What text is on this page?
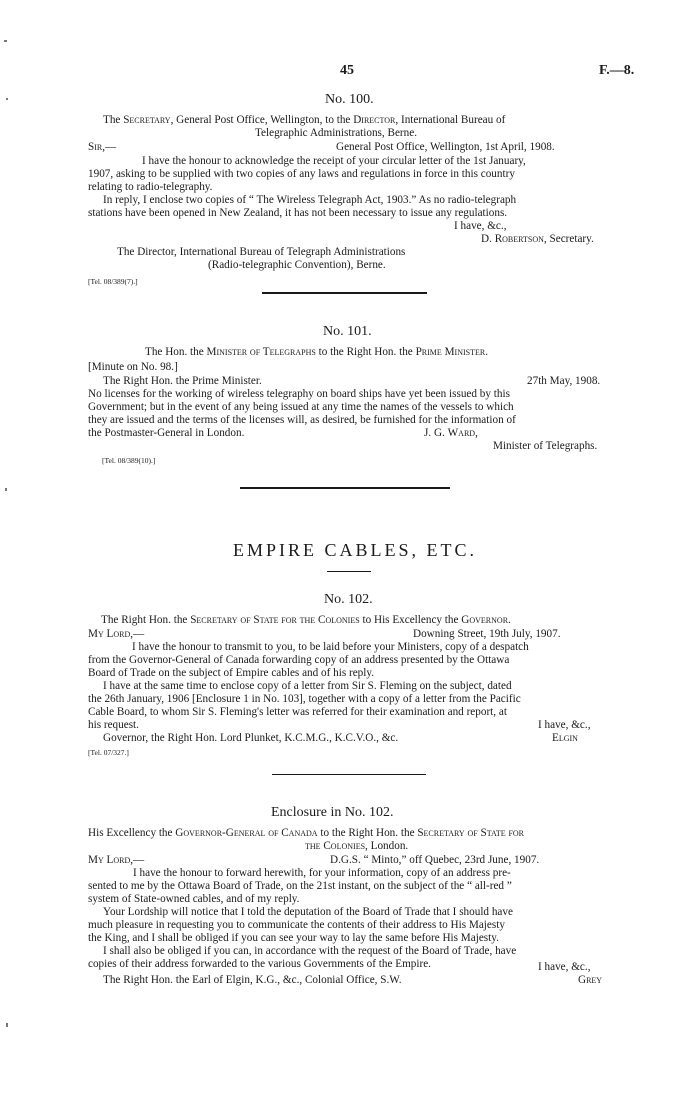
45	F.—8.
No. 100.
The Secretary, General Post Office, Wellington, to the Director, International Bureau of
Telegraphic Administrations, Berne.
Sir,—	General Post Office, Wellington, 1st April, 1908.
I have the honour to acknowledge the receipt of your circular letter of the 1st January,
1907, asking to be supplied with two copies of any laws and regulations in force in this country
relating to radio-telegraphy.
In reply, I enclose two copies of “ The Wireless Telegraph Act, 1903.” As no radio-telegraph
stations have been opened in New Zealand, it has not been necessary to issue any regulations.
I have, &c.,
D. Robertson, Secretary.
The Director, International Bureau of Telegraph Administrations
(Radio-telegraphic Convention), Berne.
[Tel. 08/389(7).]
No. 101.
The Hon. the Minister of Telegraphs to the Right Hon. the Prime Minister.
[Minute on No. 98.]
The Right Hon. the Prime Minister.	27th May, 1908.
No licenses for the working of wireless telegraphy on board ships have yet been issued by this
Government; but in the event of any being issued at any time the names of the vessels to which
they are issued and the terms of the licenses will, as desired, be furnished for the information of
the Postmaster-General in London.	J. G. Ward,
Minister of Telegraphs.
[Tel. 08/389(10).]
EMPIRE CABLES, ETC.
No. 102.
The Right Hon. the Secretary of State for the Colonies to His Excellency the Governor.
My Lord,—	Downing Street, 19th July, 1907.
I have the honour to transmit to you, to be laid before your Ministers, copy of a despatch
from the Governor-General of Canada forwarding copy of an address presented by the Ottawa
Board of Trade on the subject of Empire cables and of his reply.
I have at the same time to enclose copy of a letter from Sir S. Fleming on the subject, dated
the 26th January, 1906 [Enclosure 1 in No. 103], together with a copy of a letter from the Pacific
Cable Board, to whom Sir S. Fleming's letter was referred for their examination and report, at
his request.	I have, &c.,
Governor, the Right Hon. Lord Plunket, K.C.M.G., K.C.V.O., &c.	Elgin
[Tel. 07/327.]
Enclosure in No. 102.
His Excellency the Governor-General of Canada to the Right Hon. the Secretary of State for
the Colonies, London.
My Lord,—	D.G.S. “ Minto,” off Quebec, 23rd June, 1907.
I have the honour to forward herewith, for your information, copy of an address pre-
sented to me by the Ottawa Board of Trade, on the 21st instant, on the subject of the “ all-red ”
system of State-owned cables, and of my reply.
Your Lordship will notice that I told the deputation of the Board of Trade that I should have
much pleasure in requesting you to communicate the contents of their address to His Majesty
the King, and I shall be obliged if you can see your way to lay the same before His Majesty.
I shall also be obliged if you can, in accordance with the request of the Board of Trade, have
copies of their address forwarded to the various Governments of the Empire.	I have, &c.,
The Right Hon. the Earl of Elgin, K.G., &c., Colonial Office, S.W.	Grey
